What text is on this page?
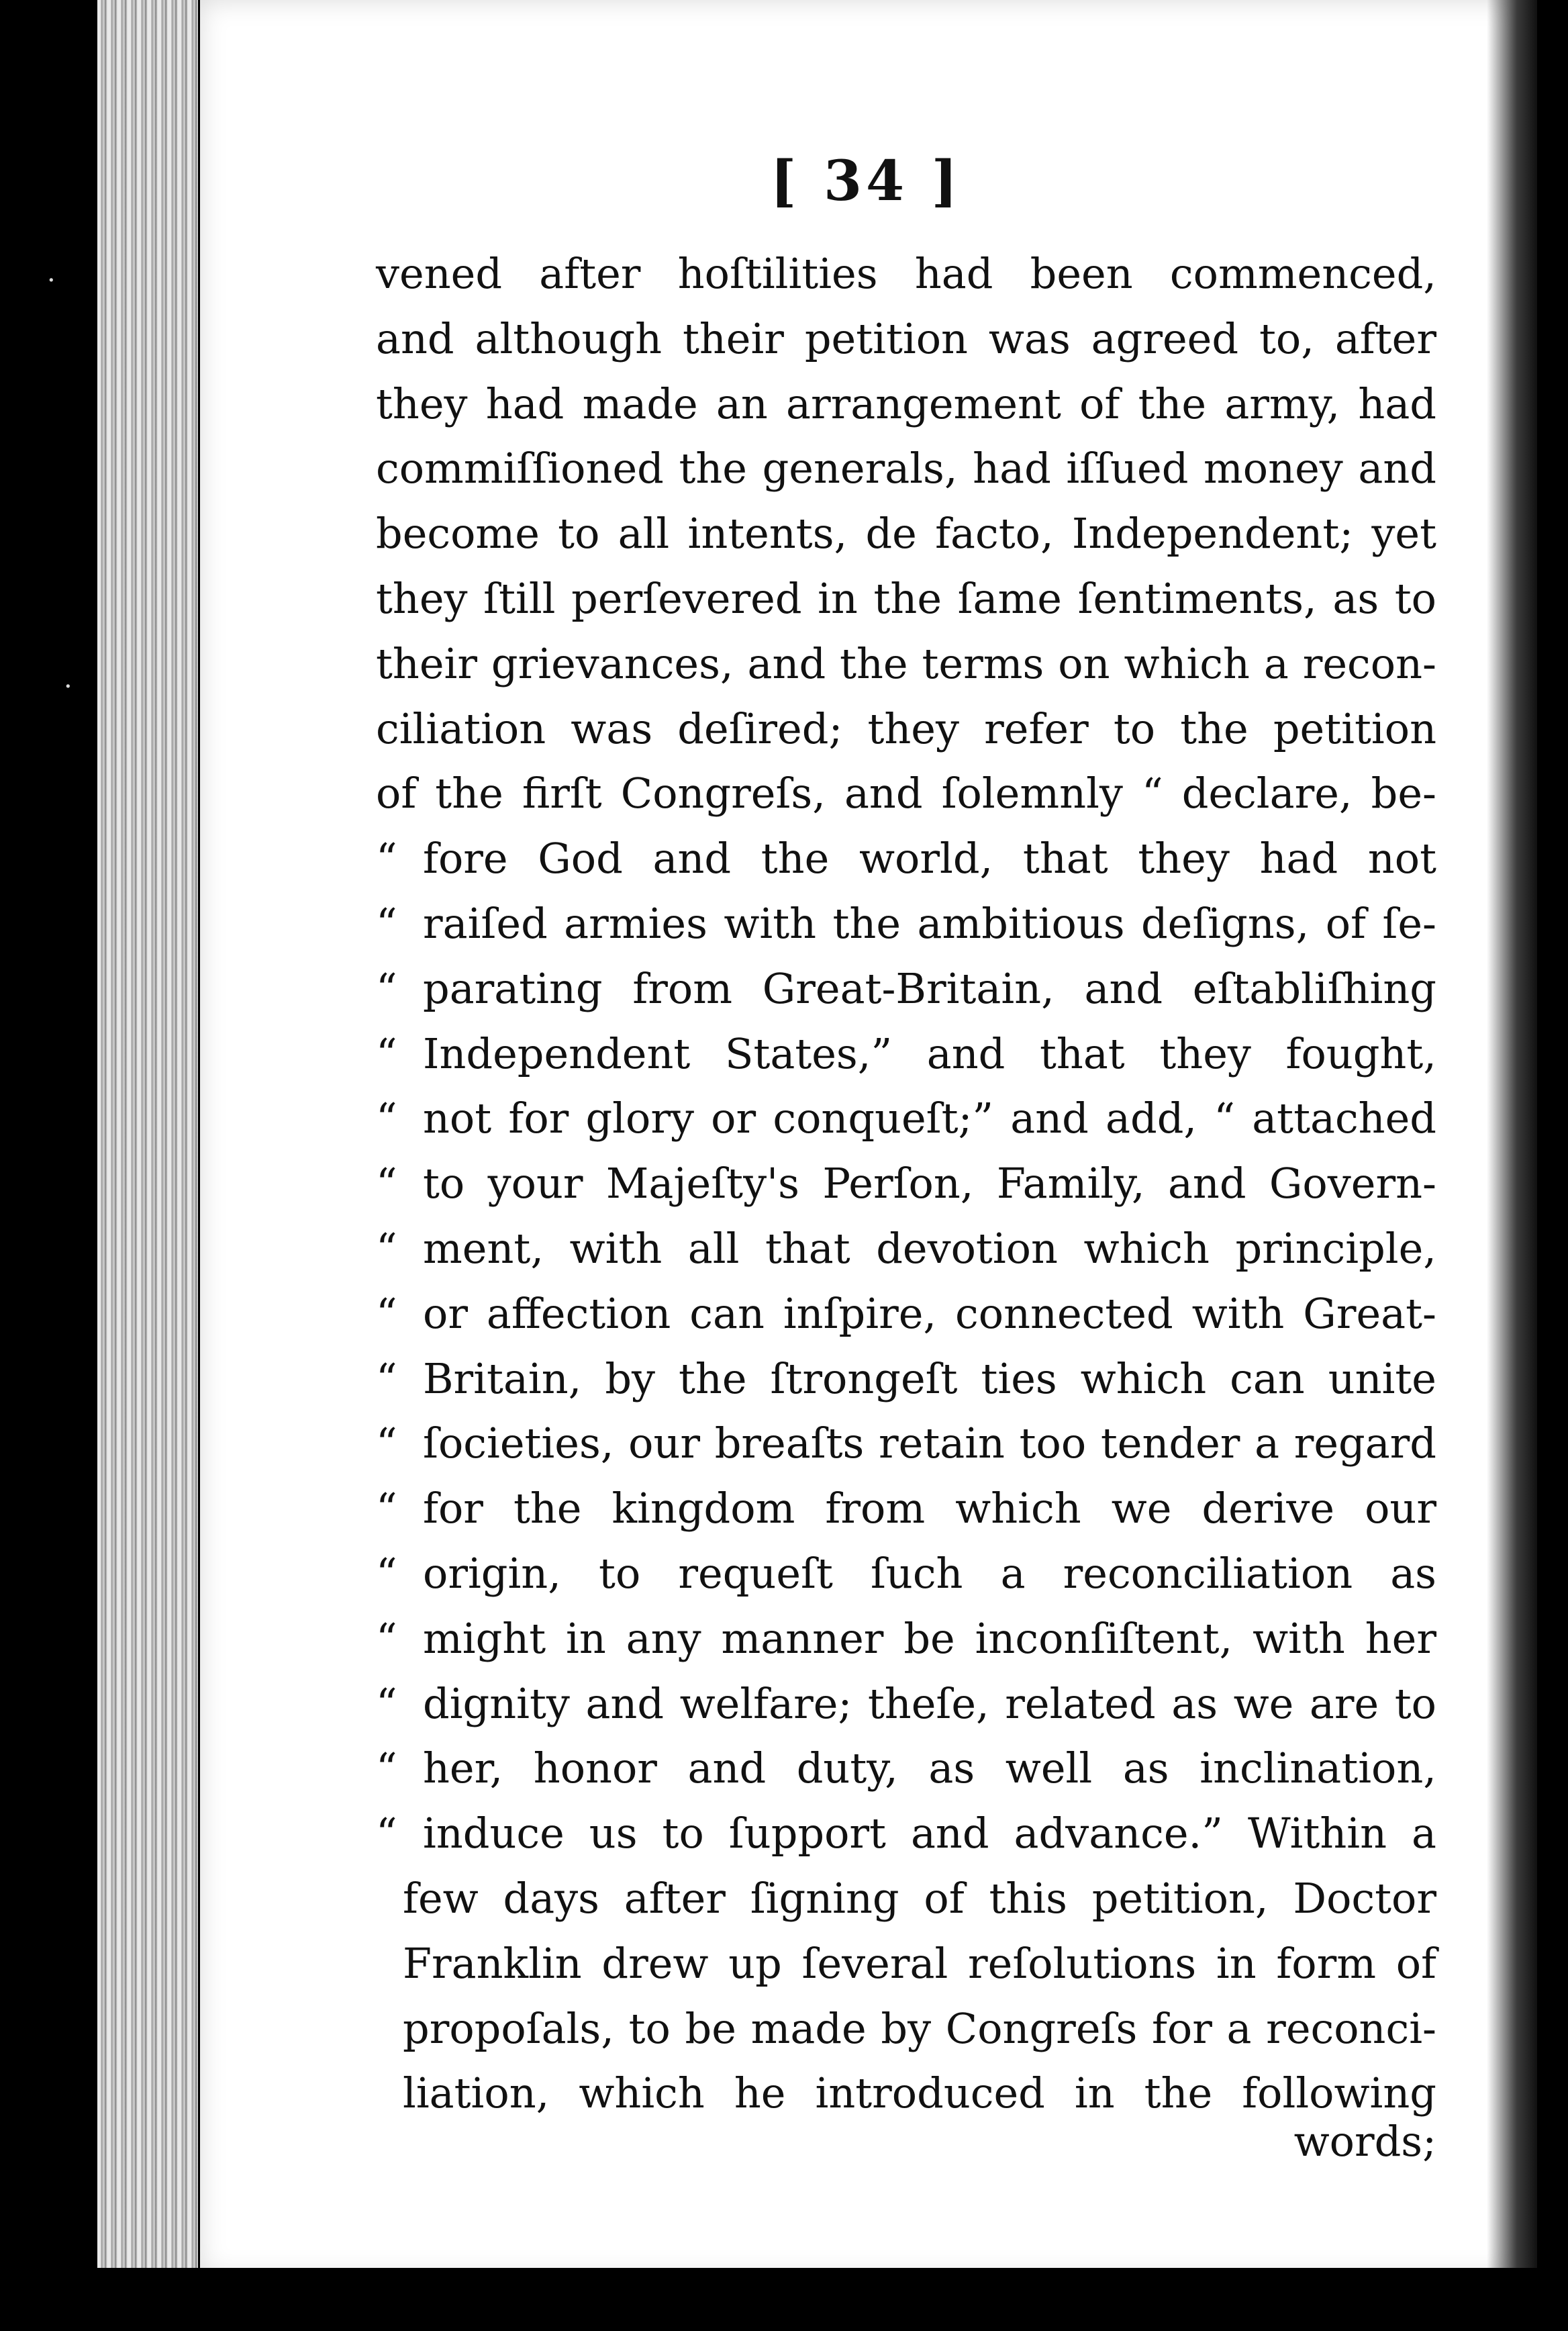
·
·
[ 34 ]
vened after hoſtilities had been commenced,
and although their petition was agreed to, after
they had made an arrangement of the army, had
commiſſioned the generals, had iſſued money and
become to all intents, de facto, Independent; yet
they ſtill perſevered in the ſame ſentiments, as to
their grievances, and the terms on which a recon-
ciliation was deſired; they refer to the petition
of the firſt Congreſs, and ſolemnly “ declare, be-
“ fore God and the world, that they had not
“ raiſed armies with the ambitious deſigns, of ſe-
“ parating from Great-Britain, and eſtabliſhing
“ Independent States,” and that they fought,
“ not for glory or conqueſt;” and add, “ attached
“ to your Majeſty's Perſon, Family, and Govern-
“ ment, with all that devotion which principle,
“ or affection can inſpire, connected with Great-
“ Britain, by the ſtrongeſt ties which can unite
“ ſocieties, our breaſts retain too tender a regard
“ for the kingdom from which we derive our
“ origin, to requeſt ſuch a reconciliation as
“ might in any manner be inconſiſtent, with her
“ dignity and welfare; theſe, related as we are to
“ her, honor and duty, as well as inclination,
“ induce us to ſupport and advance.” Within a
few days after ſigning of this petition, Doctor
Franklin drew up ſeveral reſolutions in form of
propoſals, to be made by Congreſs for a reconci-
liation, which he introduced in the following
words;
